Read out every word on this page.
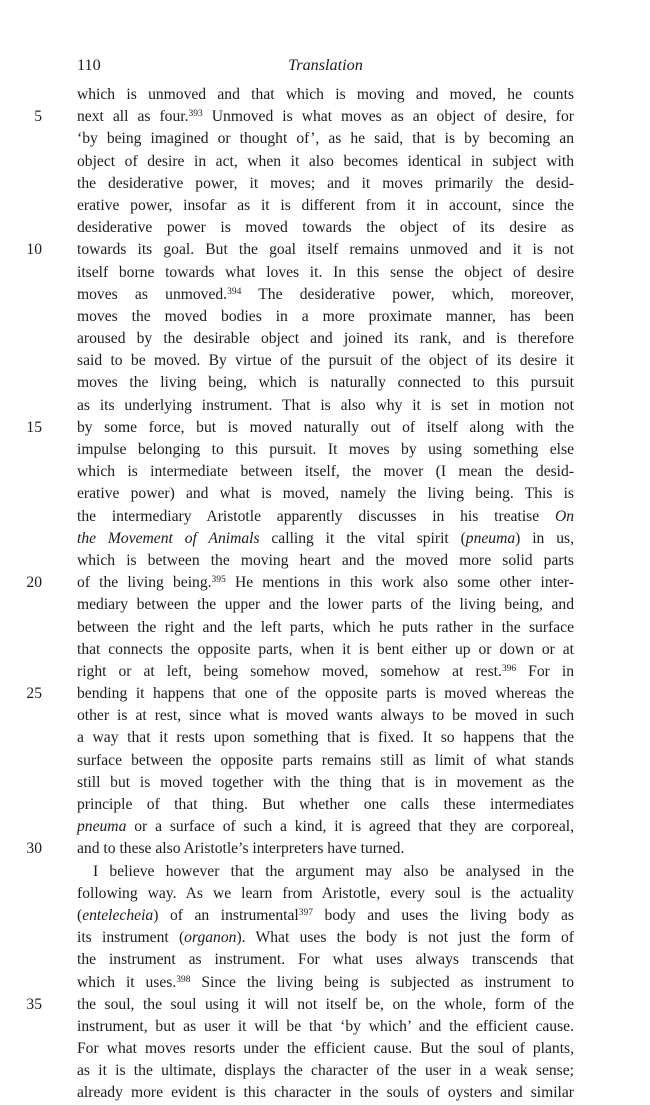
110	Translation
which is unmoved and that which is moving and moved, he counts
5 next all as four.$^{393}$ Unmoved is what moves as an object of desire, for
‘by being imagined or thought of’, as he said, that is by becoming an
object of desire in act, when it also becomes identical in subject with
the desiderative power, it moves; and it moves primarily the desid-
erative power, insofar as it is different from it in account, since the
desiderative power is moved towards the object of its desire as
10 towards its goal. But the goal itself remains unmoved and it is not
itself borne towards what loves it. In this sense the object of desire
moves as unmoved.$^{394}$ The desiderative power, which, moreover,
moves the moved bodies in a more proximate manner, has been
aroused by the desirable object and joined its rank, and is therefore
said to be moved. By virtue of the pursuit of the object of its desire it
moves the living being, which is naturally connected to this pursuit
as its underlying instrument. That is also why it is set in motion not
15 by some force, but is moved naturally out of itself along with the
impulse belonging to this pursuit. It moves by using something else
which is intermediate between itself, the mover (I mean the desid-
erative power) and what is moved, namely the living being. This is
the intermediary Aristotle apparently discusses in his treatise On
the Movement of Animals calling it the vital spirit (pneuma) in us,
which is between the moving heart and the moved more solid parts
20 of the living being.$^{395}$ He mentions in this work also some other inter-
mediary between the upper and the lower parts of the living being, and
between the right and the left parts, which he puts rather in the surface
that connects the opposite parts, when it is bent either up or down or at
right or at left, being somehow moved, somehow at rest.$^{396}$ For in
25 bending it happens that one of the opposite parts is moved whereas the
other is at rest, since what is moved wants always to be moved in such
a way that it rests upon something that is fixed. It so happens that the
surface between the opposite parts remains still as limit of what stands
still but is moved together with the thing that is in movement as the
principle of that thing. But whether one calls these intermediates
pneuma or a surface of such a kind, it is agreed that they are corporeal,
30 and to these also Aristotle’s interpreters have turned.
I believe however that the argument may also be analysed in the
following way. As we learn from Aristotle, every soul is the actuality
(entelecheia) of an instrumental$^{397}$ body and uses the living body as
its instrument (organon). What uses the body is not just the form of
the instrument as instrument. For what uses always transcends that
which it uses.$^{398}$ Since the living being is subjected as instrument to
35 the soul, the soul using it will not itself be, on the whole, form of the
instrument, but as user it will be that ‘by which’ and the efficient cause.
For what moves resorts under the efficient cause. But the soul of plants,
as it is the ultimate, displays the character of the user in a weak sense;
already more evident is this character in the souls of oysters and similar
